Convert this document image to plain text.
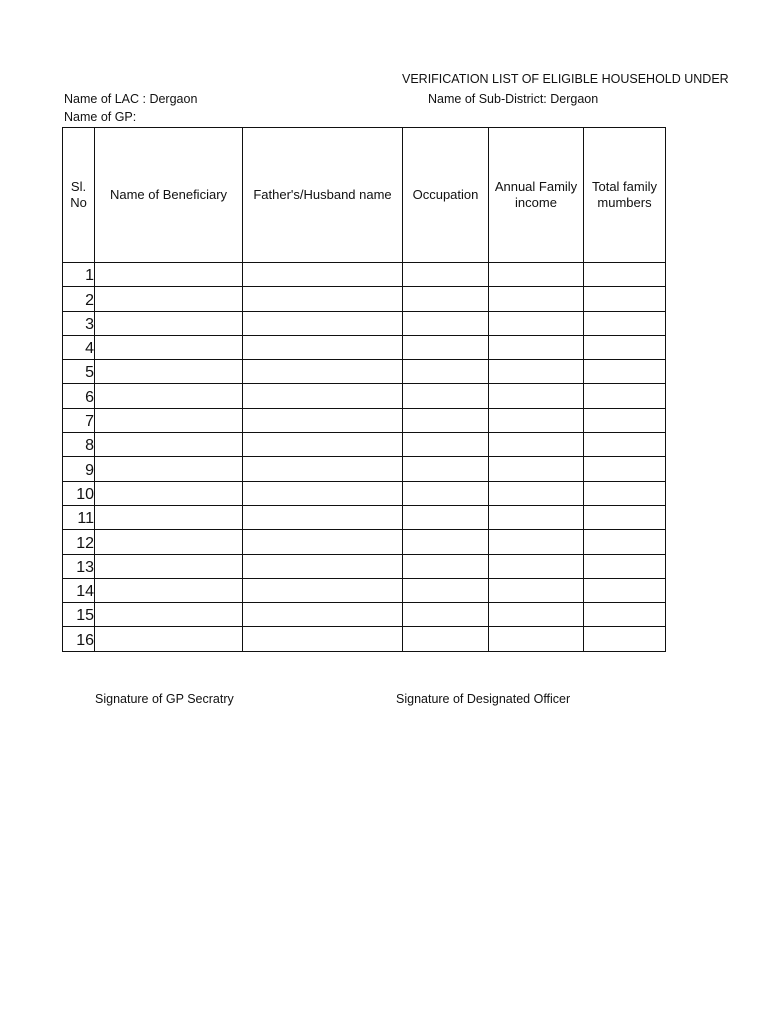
VERIFICATION LIST OF ELIGIBLE HOUSEHOLD UNDER
Name of LAC : Dergaon	Name of Sub-District: Dergaon
Name of GP:
Sl. No	Name of Beneficiary	Father's/Husband name	Occupation	Annual Family income	Total family mumbers
1					
2					
3					
4					
5					
6					
7					
8					
9					
10					
11					
12					
13					
14					
15					
16					
Signature of GP Secratry	Signature of Designated Officer
